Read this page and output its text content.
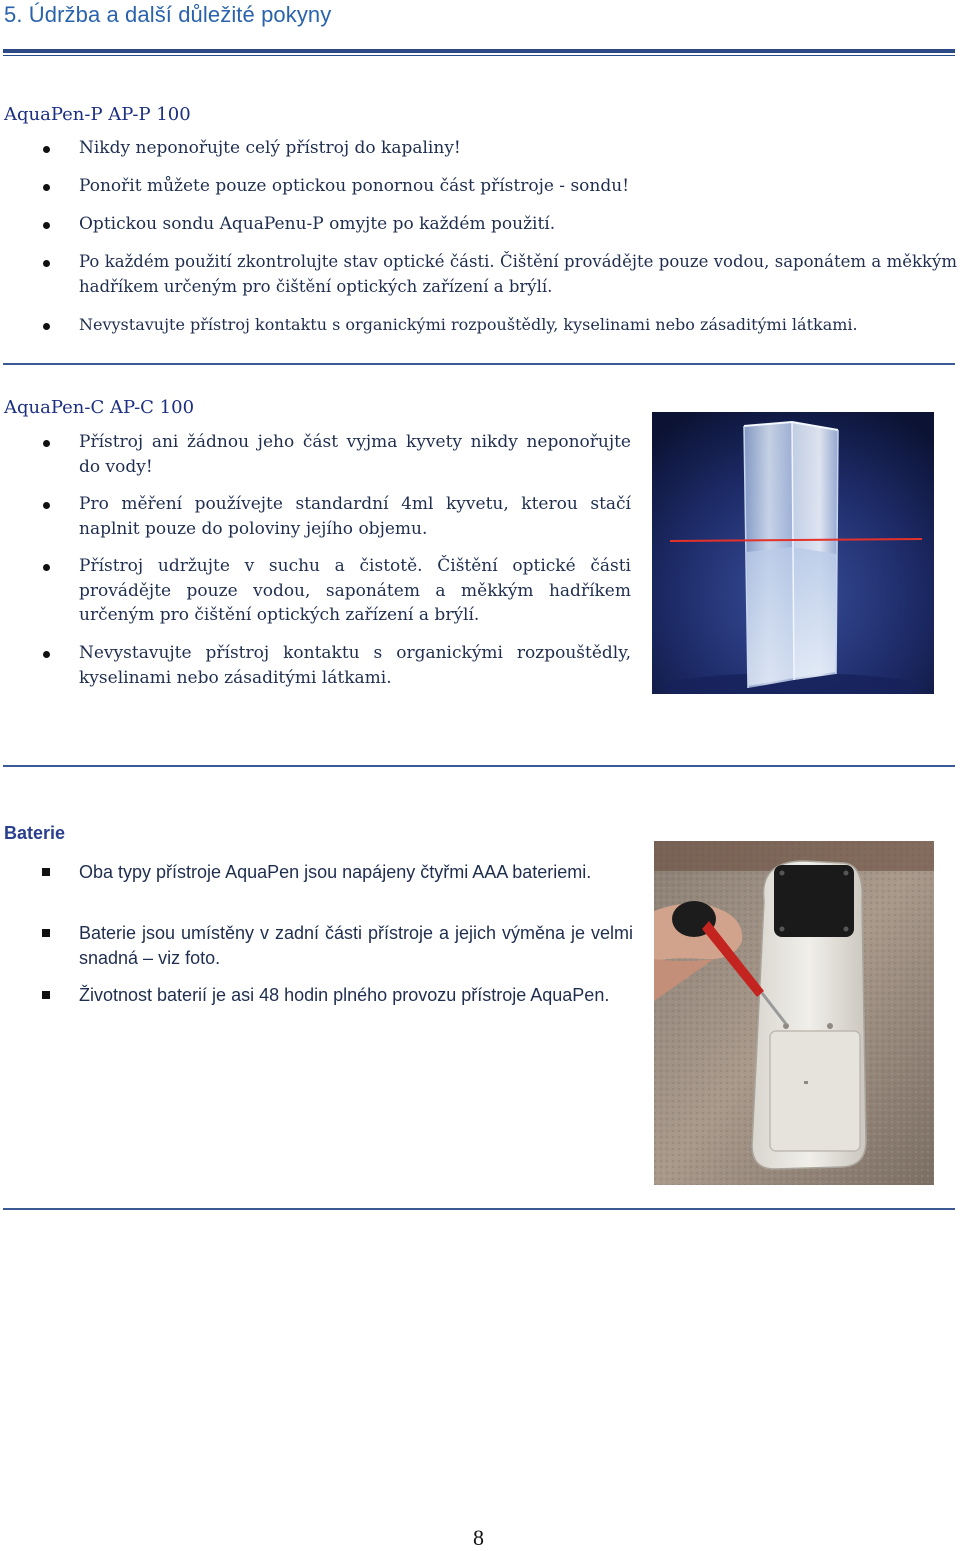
5. Údržba a další důležité pokyny
AquaPen-P AP-P 100
Nikdy neponořujte celý přístroj do kapaliny!
Ponořit můžete pouze optickou ponornou část přístroje - sondu!
Optickou sondu AquaPenu-P omyjte po každém použití.
Po každém použití zkontrolujte stav optické části. Čištění provádějte pouze vodou, saponátem a měkkým hadříkem určeným pro čištění optických zařízení a brýlí.
Nevystavujte přístroj kontaktu s organickými rozpouštědly, kyselinami nebo zásaditými látkami.
AquaPen-C AP-C 100
Přístroj ani žádnou jeho část vyjma kyvety nikdy neponořujte do vody!
Pro měření používejte standardní 4ml kyvetu, kterou stačí naplnit pouze do poloviny jejího objemu.
Přístroj udržujte v suchu a čistotě. Čištění optické části provádějte pouze vodou, saponátem a měkkým hadříkem určeným pro čištění optických zařízení a brýlí.
Nevystavujte přístroj kontaktu s organickými rozpouštědly, kyselinami nebo zásaditými látkami.
Baterie
Oba typy přístroje AquaPen jsou napájeny čtyřmi AAA bateriemi.
Baterie jsou umístěny v zadní části přístroje a jejich výměna je velmi snadná – viz foto.
Životnost baterií je asi 48 hodin plného provozu přístroje AquaPen.
8
